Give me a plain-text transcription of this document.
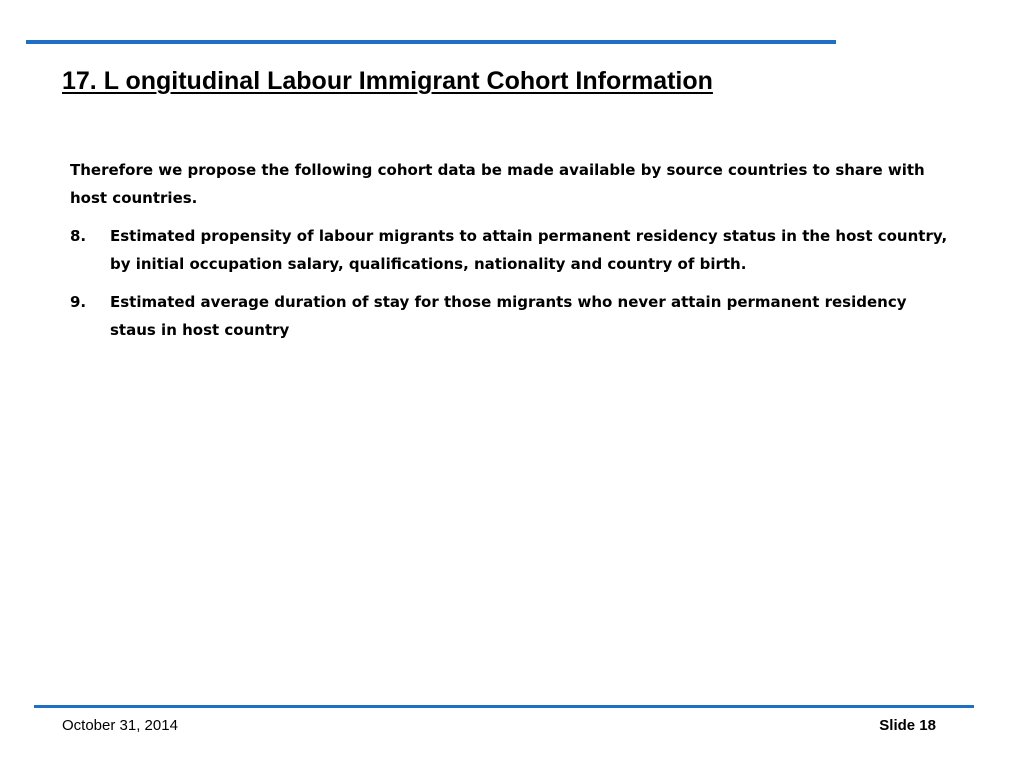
17. L ongitudinal Labour Immigrant Cohort Information

Therefore we propose the following cohort data be made available by source countries to share with host countries.

8.	Estimated propensity of labour migrants to attain permanent residency status in the host country, by initial occupation salary, qualifications, nationality and country of birth.
9.	Estimated average duration of stay for those migrants who never attain permanent residency staus in host country
October 31, 2014	Slide 18
